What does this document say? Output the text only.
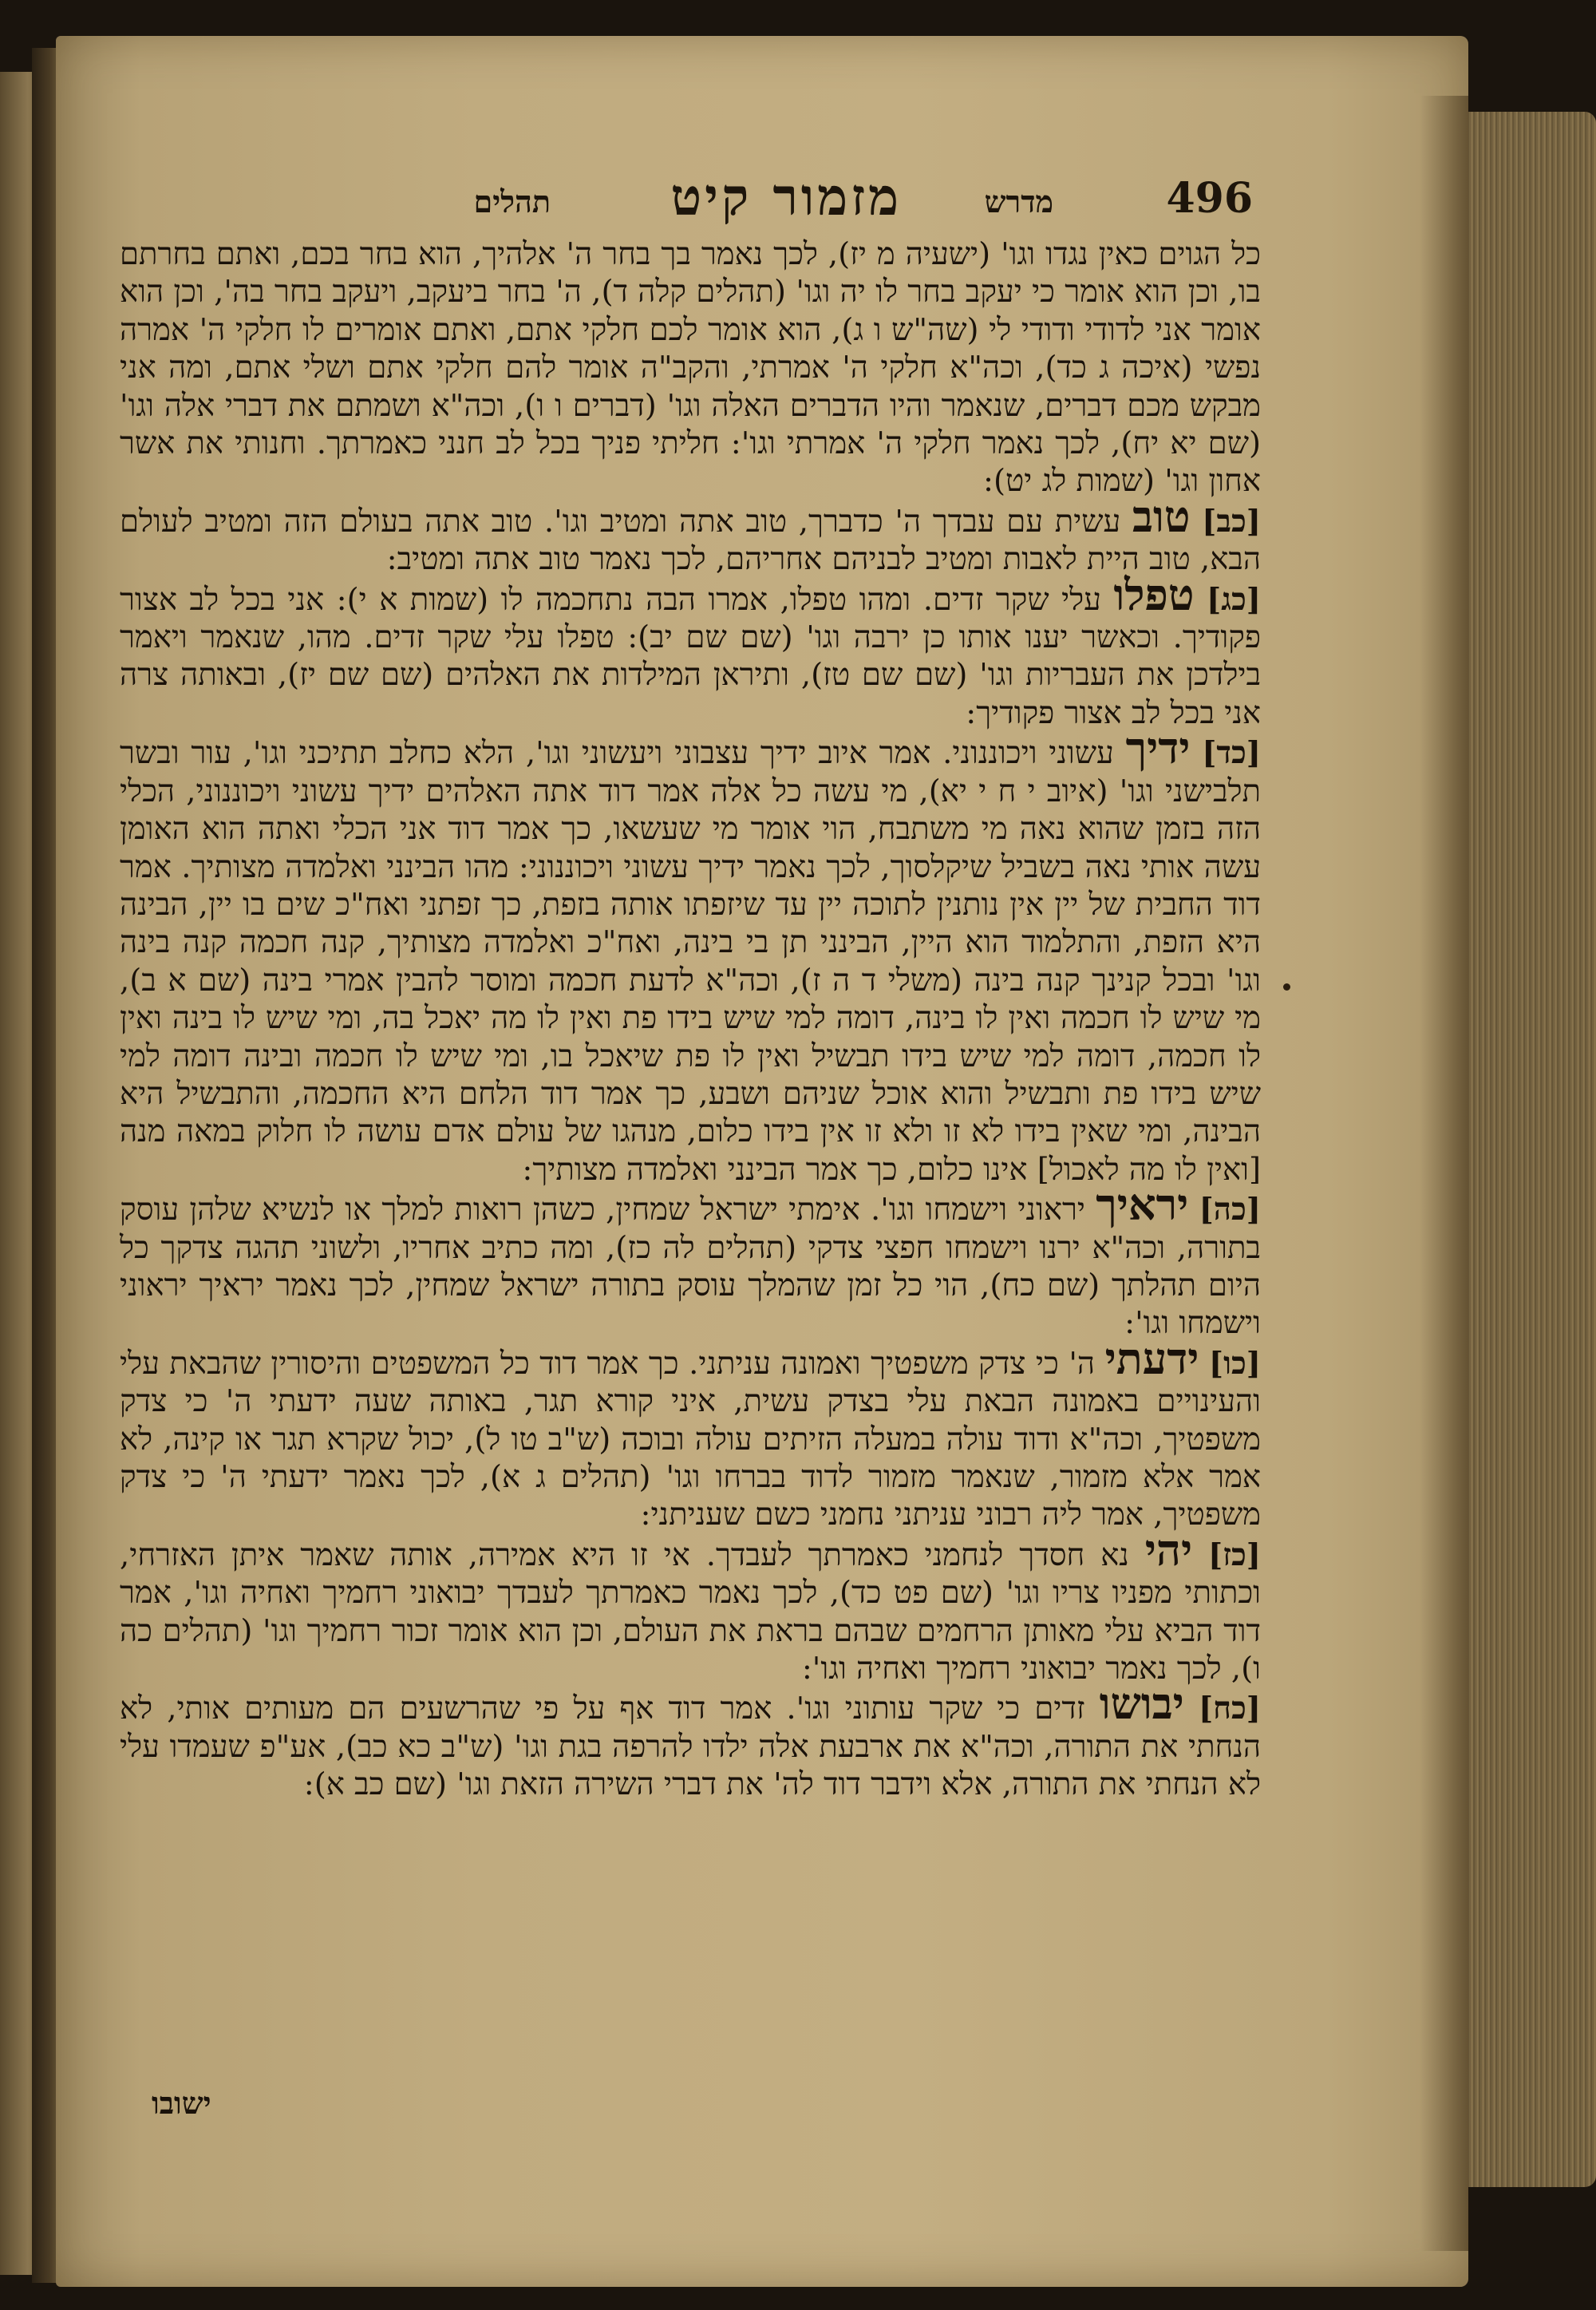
496
מדרש
מזמור קיט
תהלים

כל הגוים כאין נגדו וגו' (ישעיה מ יז), לכך נאמר בך בחר ה' אלהיך, הוא בחר בכם, ואתם בחרתם בו, וכן הוא אומר כי יעקב בחר לו יה וגו' (תהלים קלה ד), ה' בחר ביעקב, ויעקב בחר בה', וכן הוא אומר אני לדודי ודודי לי (שה"ש ו ג), הוא אומר לכם חלקי אתם, ואתם אומרים לו חלקי ה' אמרה נפשי (איכה ג כד), וכה"א חלקי ה' אמרתי, והקב"ה אומר להם חלקי אתם ושלי אתם, ומה אני מבקש מכם דברים, שנאמר והיו הדברים האלה וגו' (דברים ו ו), וכה"א ושמתם את דברי אלה וגו' (שם יא יח), לכך נאמר חלקי ה' אמרתי וגו': חליתי פניך בכל לב חנני כאמרתך. וחנותי את אשר אחון וגו' (שמות לג יט):

[כב] טוב עשית עם עבדך ה' כדברך, טוב אתה ומטיב וגו'. טוב אתה בעולם הזה ומטיב לעולם הבא, טוב היית לאבות ומטיב לבניהם אחריהם, לכך נאמר טוב אתה ומטיב:

[כג] טפלו עלי שקר זדים. ומהו טפלו, אמרו הבה נתחכמה לו (שמות א י): אני בכל לב אצור פקודיך. וכאשר יענו אותו כן ירבה וגו' (שם שם יב): טפלו עלי שקר זדים. מהו, שנאמר ויאמר בילדכן את העבריות וגו' (שם שם טז), ותיראן המילדות את האלהים (שם שם יז), ובאותה צרה אני בכל לב אצור פקודיך:

[כד] ידיך עשוני ויכוננוני. אמר איוב ידיך עצבוני ויעשוני וגו', הלא כחלב תתיכני וגו', עור ובשר תלבישני וגו' (איוב י ח י יא), מי עשה כל אלה אמר דוד אתה האלהים ידיך עשוני ויכוננוני, הכלי הזה בזמן שהוא נאה מי משתבח, הוי אומר מי שעשאו, כך אמר דוד אני הכלי ואתה הוא האומן עשה אותי נאה בשביל שיקלסוך, לכך נאמר ידיך עשוני ויכוננוני: מהו הבינני ואלמדה מצותיך. אמר דוד החבית של יין אין נותנין לתוכה יין עד שיזפתו אותה בזפת, כך זפתני ואח"כ שים בו יין, הבינה היא הזפת, והתלמוד הוא היין, הבינני תן בי בינה, ואח"כ ואלמדה מצותיך, קנה חכמה קנה בינה וגו' ובכל קנינך קנה בינה (משלי ד ה ז), וכה"א לדעת חכמה ומוסר להבין אמרי בינה (שם א ב), מי שיש לו חכמה ואין לו בינה, דומה למי שיש בידו פת ואין לו מה יאכל בה, ומי שיש לו בינה ואין לו חכמה, דומה למי שיש בידו תבשיל ואין לו פת שיאכל בו, ומי שיש לו חכמה ובינה דומה למי שיש בידו פת ותבשיל והוא אוכל שניהם ושבע, כך אמר דוד הלחם היא החכמה, והתבשיל היא הבינה, ומי שאין בידו לא זו ולא זו אין בידו כלום, מנהגו של עולם אדם עושה לו חלוק במאה מנה [ואין לו מה לאכול] אינו כלום, כך אמר הבינני ואלמדה מצותיך:

[כה] יראיך יראוני וישמחו וגו'. אימתי ישראל שמחין, כשהן רואות למלך או לנשיא שלהן עוסק בתורה, וכה"א ירנו וישמחו חפצי צדקי (תהלים לה כז), ומה כתיב אחריו, ולשוני תהגה צדקך כל היום תהלתך (שם כח), הוי כל זמן שהמלך עוסק בתורה ישראל שמחין, לכך נאמר יראיך יראוני וישמחו וגו':

[כו] ידעתי ה' כי צדק משפטיך ואמונה עניתני. כך אמר דוד כל המשפטים והיסורין שהבאת עלי והעינויים באמונה הבאת עלי בצדק עשית, איני קורא תגר, באותה שעה ידעתי ה' כי צדק משפטיך, וכה"א ודוד עולה במעלה הזיתים עולה ובוכה (ש"ב טו ל), יכול שקרא תגר או קינה, לא אמר אלא מזמור, שנאמר מזמור לדוד בברחו וגו' (תהלים ג א), לכך נאמר ידעתי ה' כי צדק משפטיך, אמר ליה רבוני עניתני נחמני כשם שעניתני:

[כז] יהי נא חסדך לנחמני כאמרתך לעבדך. אי זו היא אמירה, אותה שאמר איתן האזרחי, וכתותי מפניו צריו וגו' (שם פט כד), לכך נאמר כאמרתך לעבדך יבואוני רחמיך ואחיה וגו', אמר דוד הביא עלי מאותן הרחמים שבהם בראת את העולם, וכן הוא אומר זכור רחמיך וגו' (תהלים כה ו), לכך נאמר יבואוני רחמיך ואחיה וגו':

[כח] יבושו זדים כי שקר עותוני וגו'. אמר דוד אף על פי שהרשעים הם מעותים אותי, לא הנחתי את התורה, וכה"א את ארבעת אלה ילדו להרפה בגת וגו' (ש"ב כא כב), אע"פ שעמדו עלי לא הנחתי את התורה, אלא וידבר דוד לה' את דברי השירה הזאת וגו' (שם כב א):

ישובו
